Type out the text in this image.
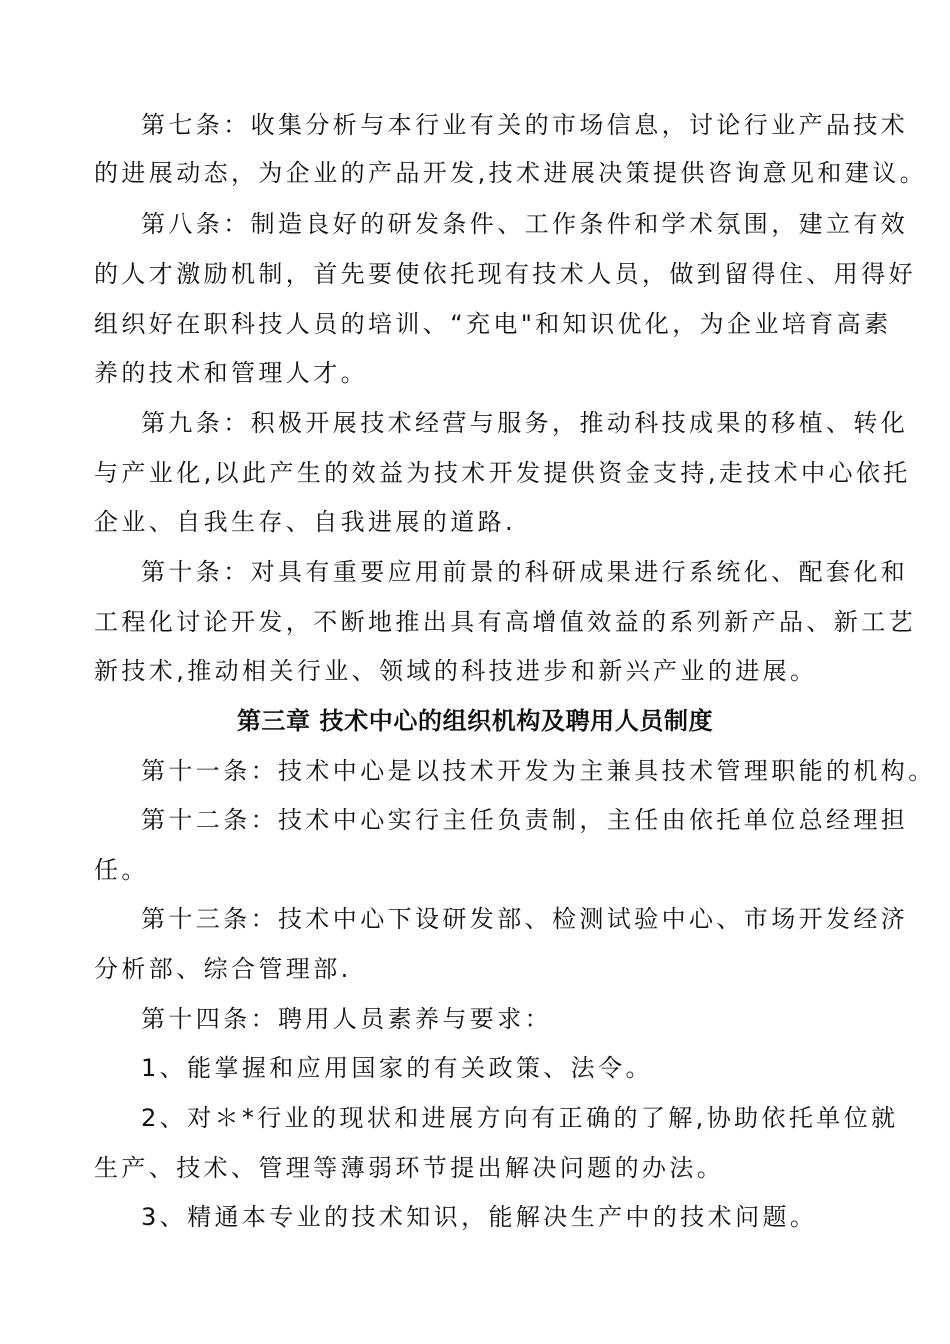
第七条：收集分析与本行业有关的市场信息，讨论行业产品技术
的进展动态，为企业的产品开发,技术进展决策提供咨询意见和建议。
第八条：制造良好的研发条件、工作条件和学术氛围，建立有效
的人才激励机制，首先要使依托现有技术人员，做到留得住、用得好
组织好在职科技人员的培训、“充电"和知识优化，为企业培育高素
养的技术和管理人才。
第九条：积极开展技术经营与服务，推动科技成果的移植、转化
与产业化,以此产生的效益为技术开发提供资金支持,走技术中心依托
企业、自我生存、自我进展的道路.
第十条：对具有重要应用前景的科研成果进行系统化、配套化和
工程化讨论开发，不断地推出具有高增值效益的系列新产品、新工艺
新技术,推动相关行业、领域的科技进步和新兴产业的进展。
第三章 技术中心的组织机构及聘用人员制度
第十一条：技术中心是以技术开发为主兼具技术管理职能的机构。
第十二条：技术中心实行主任负责制，主任由依托单位总经理担
任。
第十三条：技术中心下设研发部、检测试验中心、市场开发经济
分析部、综合管理部.
第十四条：聘用人员素养与要求：
1、能掌握和应用国家的有关政策、法令。
2、对＊*行业的现状和进展方向有正确的了解,协助依托单位就
生产、技术、管理等薄弱环节提出解决问题的办法。
3、精通本专业的技术知识，能解决生产中的技术问题。
